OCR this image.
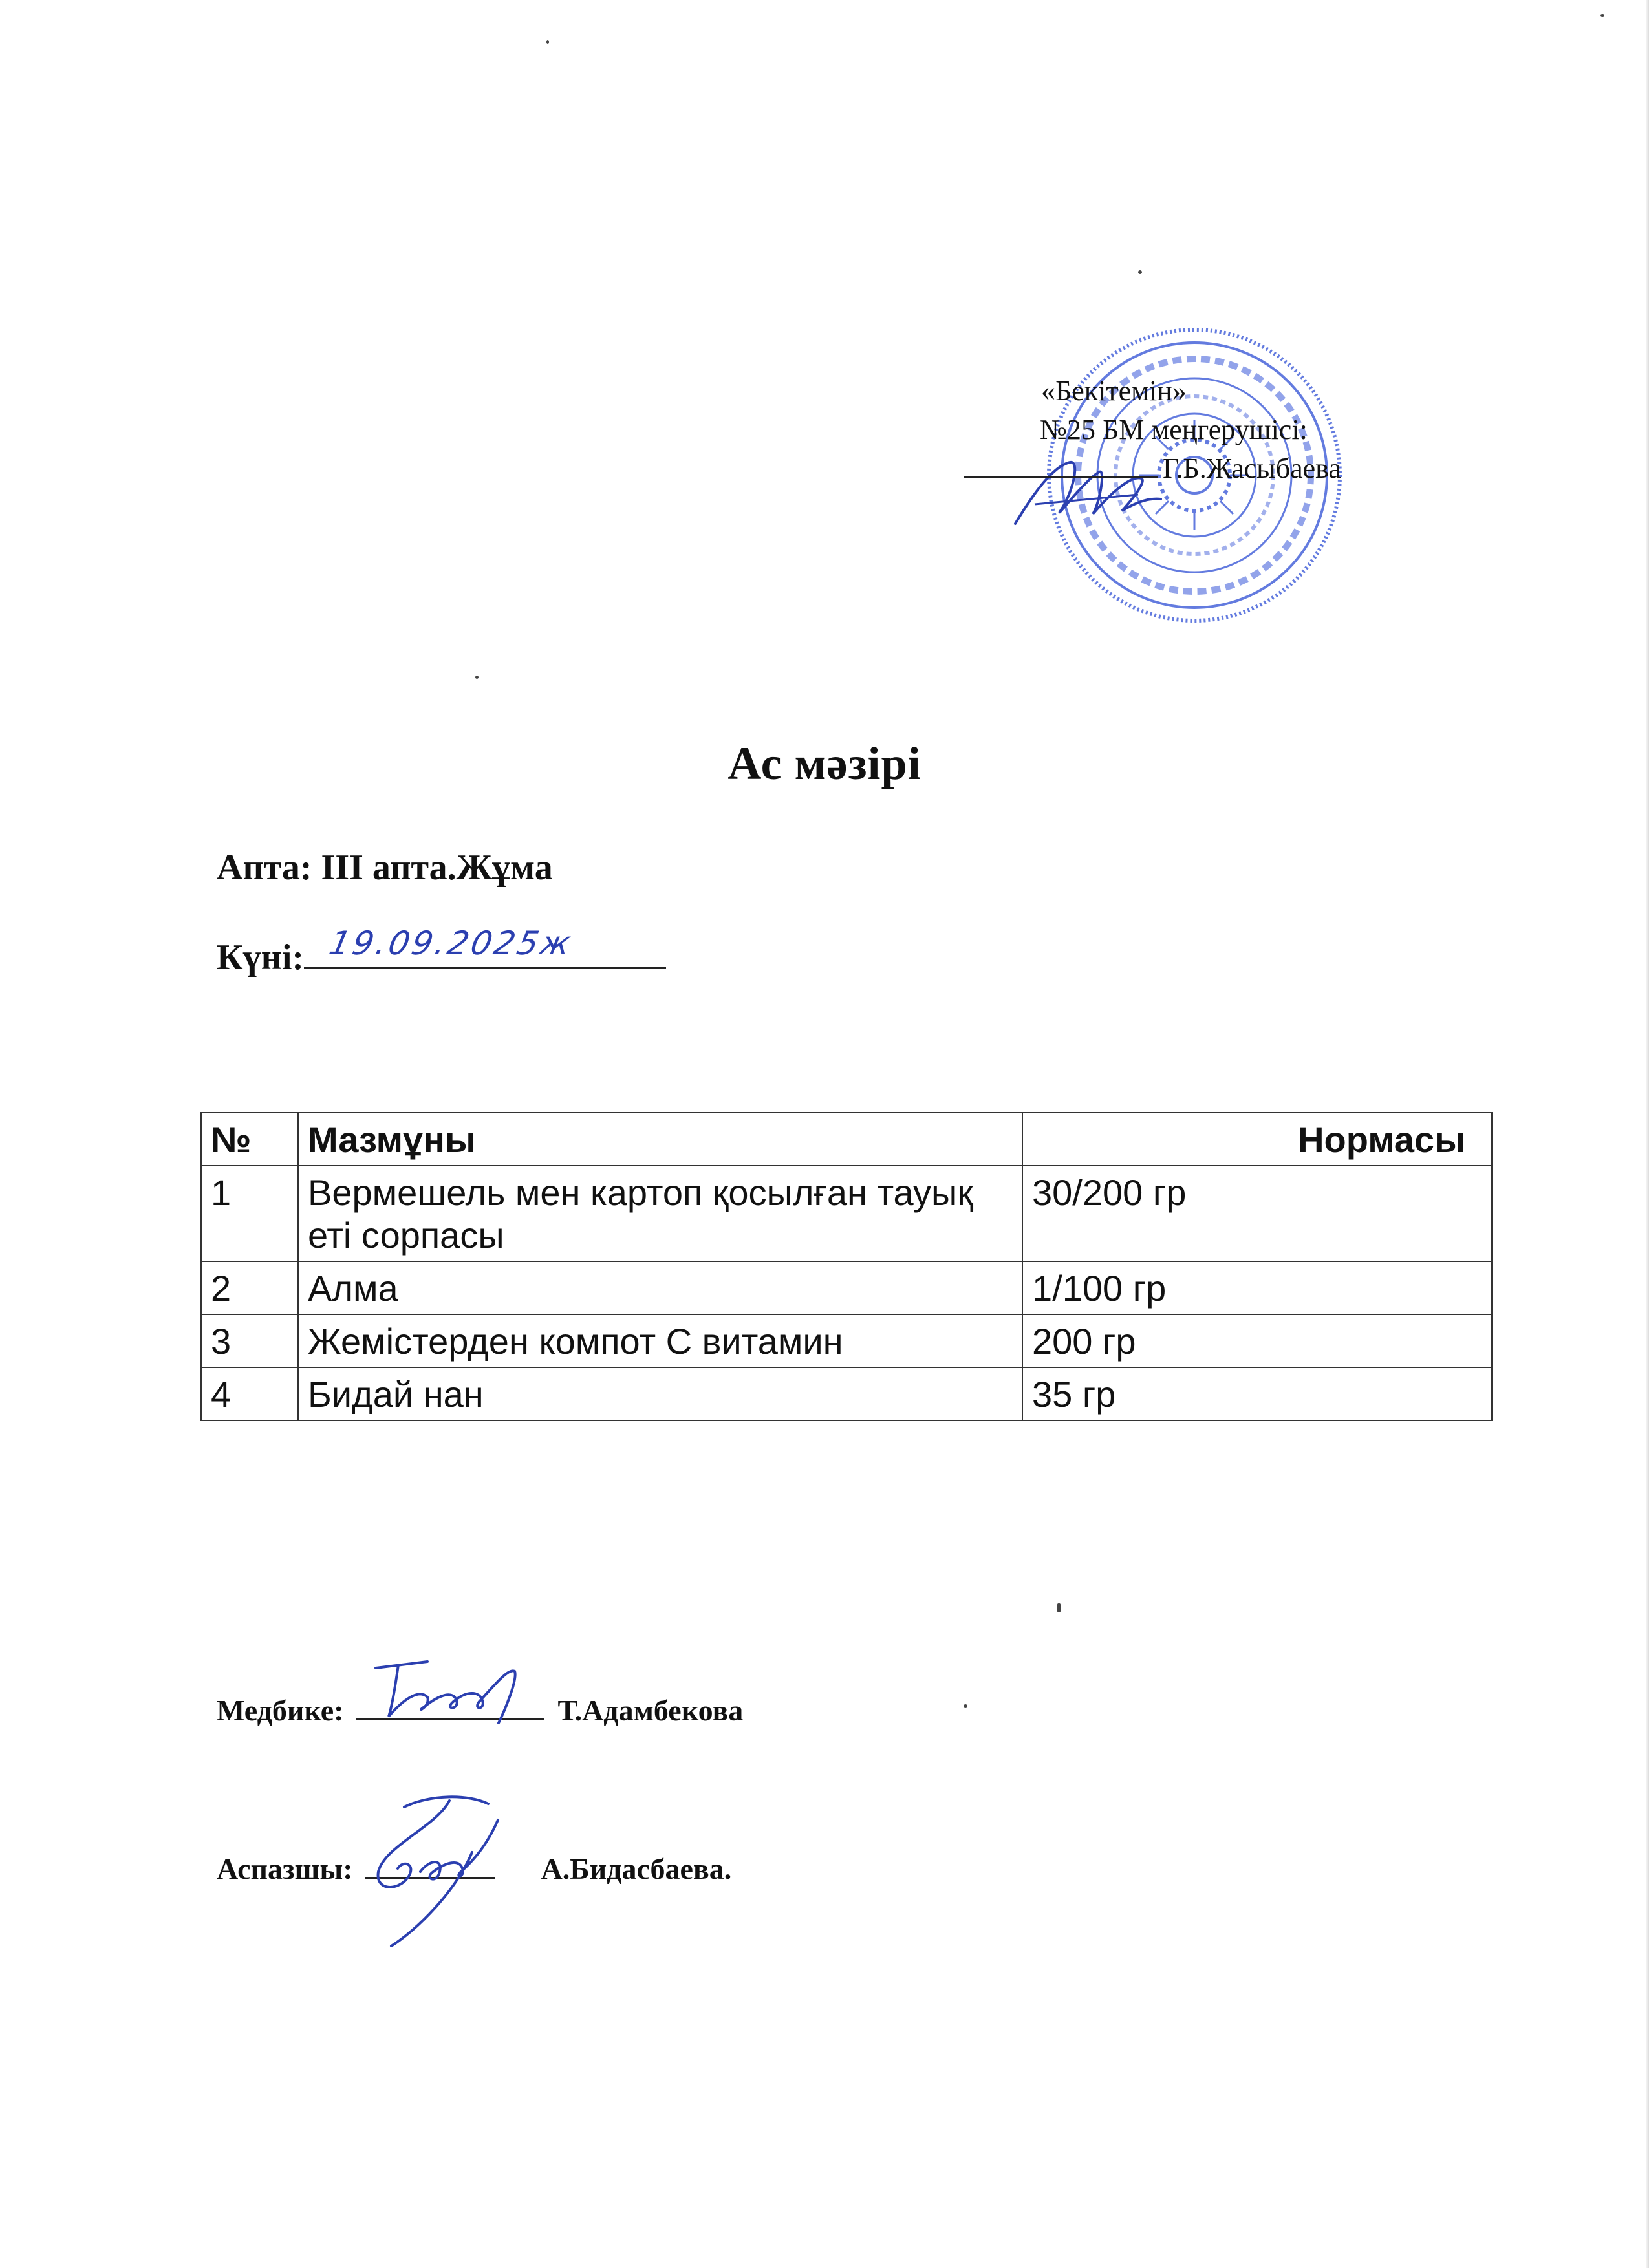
«Бекітемін»
№25 БМ меңгерушісі:
Г.Б.Жасыбаева
Ас мәзірі
Апта: ІІІ апта.Жұма
Күні: 19.09.2025ж
№	Мазмұны	Нормасы
1	Вермешель мен картоп қосылған тауық еті сорпасы	30/200 гр
2	Алма	1/100 гр
3	Жемістерден компот С витамин	200 гр
4	Бидай нан	35 гр
Медбике:	Т.Адамбекова
Аспазшы:	А.Бидасбаева.
